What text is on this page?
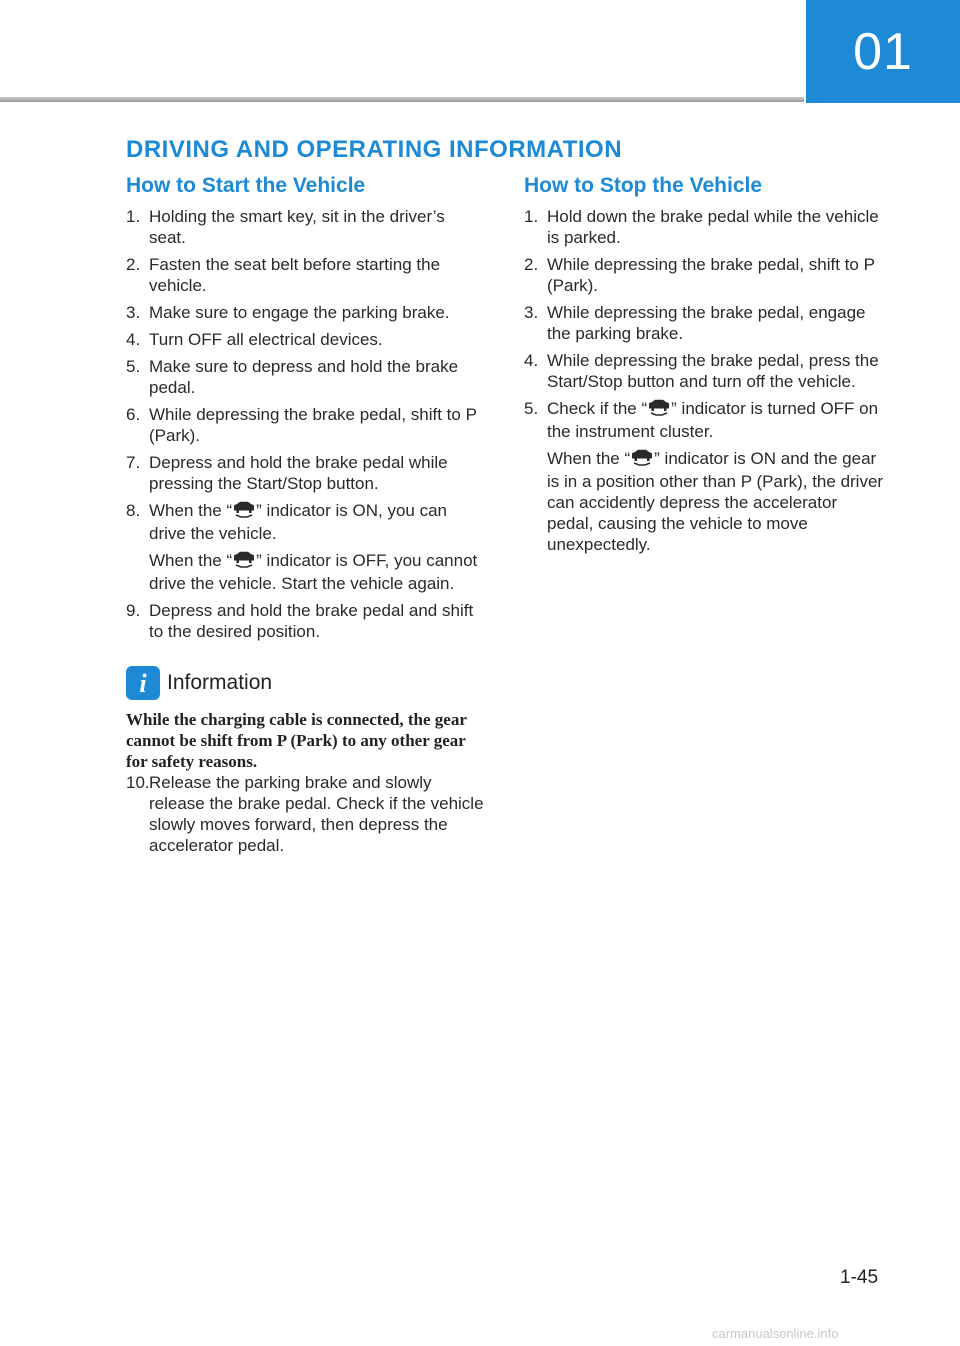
01
DRIVING AND OPERATING INFORMATION
How to Start the Vehicle
1. Holding the smart key, sit in the driver’s seat.
2. Fasten the seat belt before starting the vehicle.
3. Make sure to engage the parking brake.
4. Turn OFF all electrical devices.
5. Make sure to depress and hold the brake pedal.
6. While depressing the brake pedal, shift to P (Park).
7. Depress and hold the brake pedal while pressing the Start/Stop button.
8. When the “ ” indicator is ON, you can drive the vehicle.

When the “ ” indicator is OFF, you cannot drive the vehicle. Start the vehicle again.

9. Depress and hold the brake pedal and shift to the desired position.
i Information

While the charging cable is connected, the gear cannot be shift from P (Park) to any other gear for safety reasons.

10. Release the parking brake and slowly release the brake pedal. Check if the vehicle slowly moves forward, then depress the accelerator pedal.
How to Stop the Vehicle
1. Hold down the brake pedal while the vehicle is parked.
2. While depressing the brake pedal, shift to P (Park).
3. While depressing the brake pedal, engage the parking brake.
4. While depressing the brake pedal, press the Start/Stop button and turn off the vehicle.
5. Check if the “ ” indicator is turned OFF on the instrument cluster.

When the “ ” indicator is ON and the gear is in a position other than P (Park), the driver can accidently depress the accelerator pedal, causing the vehicle to move unexpectedly.

1-45
carmanualsonline.info
